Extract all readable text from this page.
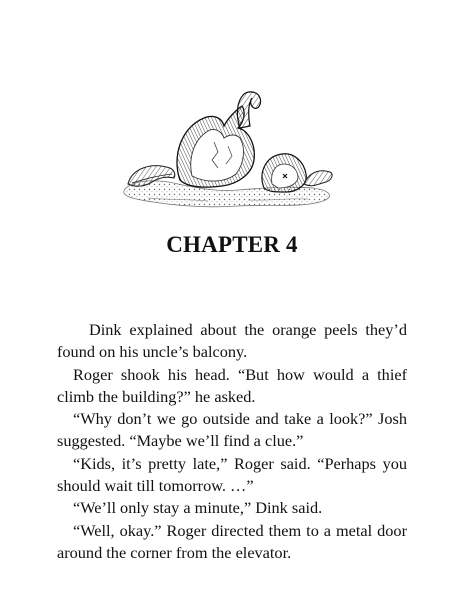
CHAPTER 4

Dink explained about the orange peels they’d found on his uncle’s balcony.

Roger shook his head. “But how would a thief climb the building?” he asked.

“Why don’t we go outside and take a look?” Josh suggested. “Maybe we’ll find a clue.”

“Kids, it’s pretty late,” Roger said. “Perhaps you should wait till tomorrow. …”

“We’ll only stay a minute,” Dink said.

“Well, okay.” Roger directed them to a metal door around the corner from the elevator.
